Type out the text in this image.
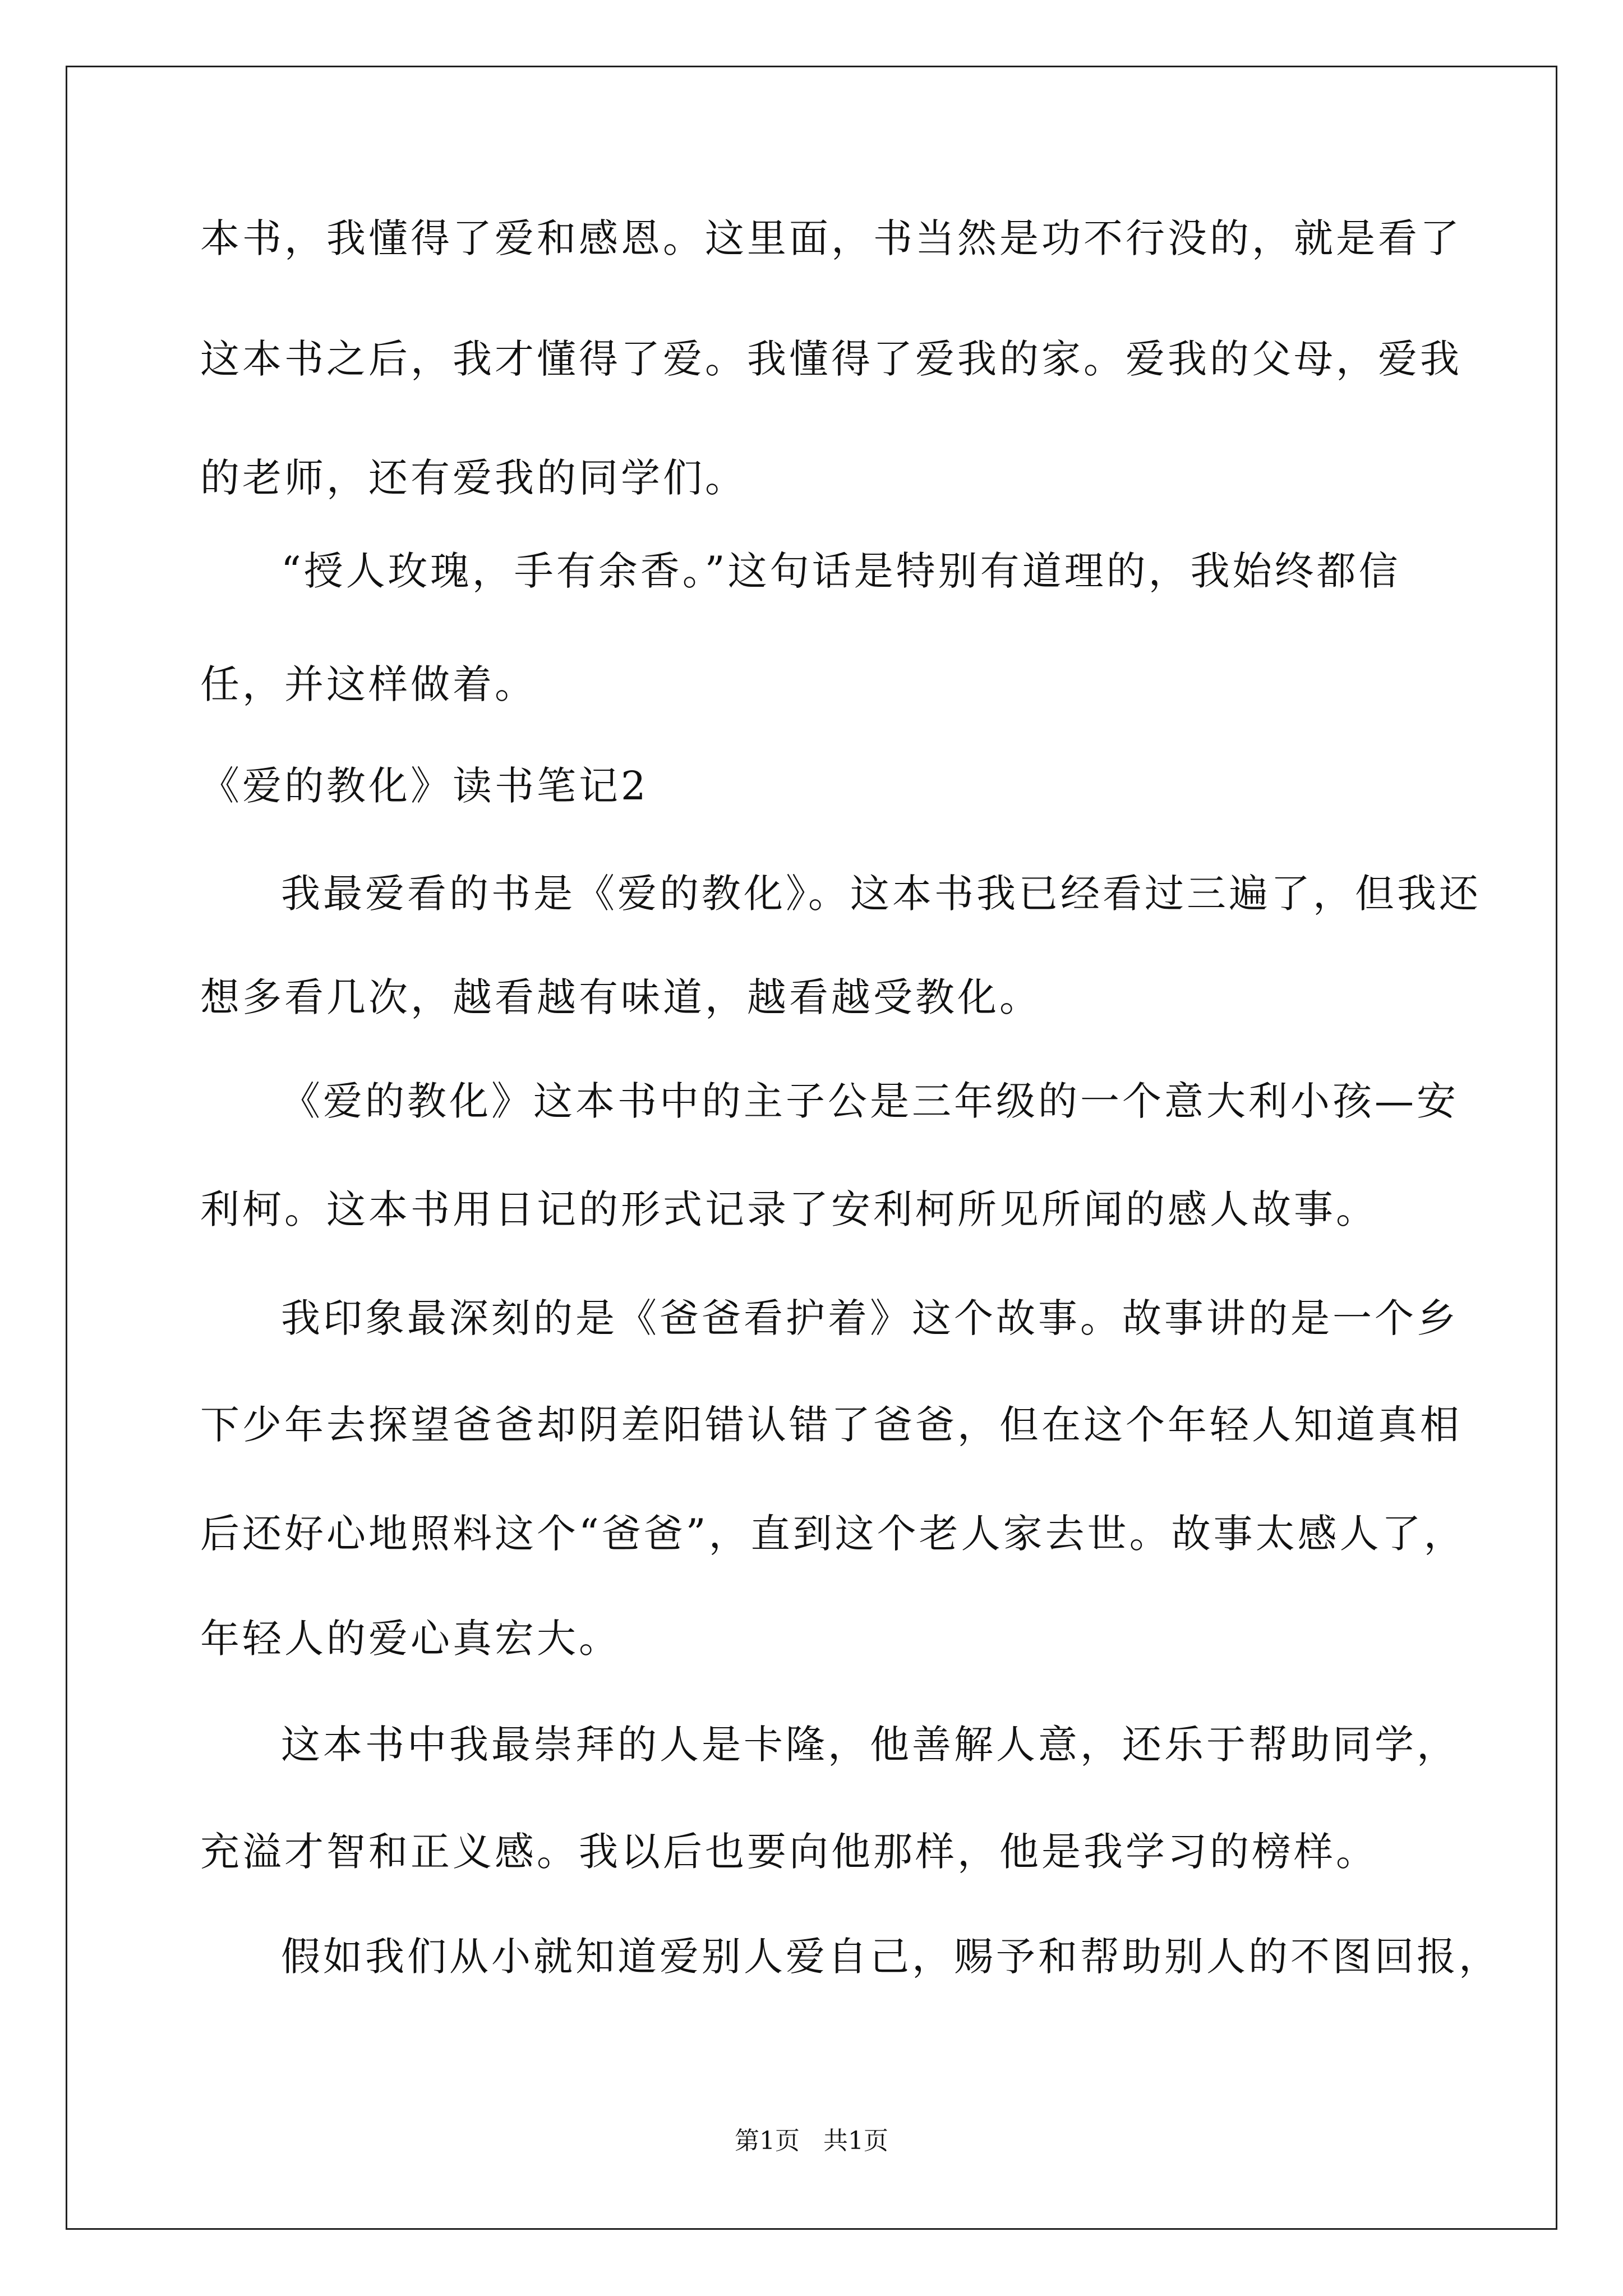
本书，我懂得了爱和感恩。这里面，书当然是功不行没的，就是看了
这本书之后，我才懂得了爱。我懂得了爱我的家。爱我的父母，爱我
的老师，还有爱我的同学们。
“授人玫瑰，手有余香。”这句话是特别有道理的，我始终都信
任，并这样做着。
《爱的教化》读书笔记2
我最爱看的书是《爱的教化》。这本书我已经看过三遍了，但我还
想多看几次，越看越有味道，越看越受教化。
《爱的教化》这本书中的主子公是三年级的一个意大利小孩—安
利柯。这本书用日记的形式记录了安利柯所见所闻的感人故事。
我印象最深刻的是《爸爸看护着》这个故事。故事讲的是一个乡
下少年去探望爸爸却阴差阳错认错了爸爸，但在这个年轻人知道真相
后还好心地照料这个“爸爸”，直到这个老人家去世。故事太感人了，
年轻人的爱心真宏大。
这本书中我最崇拜的人是卡隆，他善解人意，还乐于帮助同学，
充溢才智和正义感。我以后也要向他那样，他是我学习的榜样。
假如我们从小就知道爱别人爱自己，赐予和帮助别人的不图回报，
第1页   共1页
